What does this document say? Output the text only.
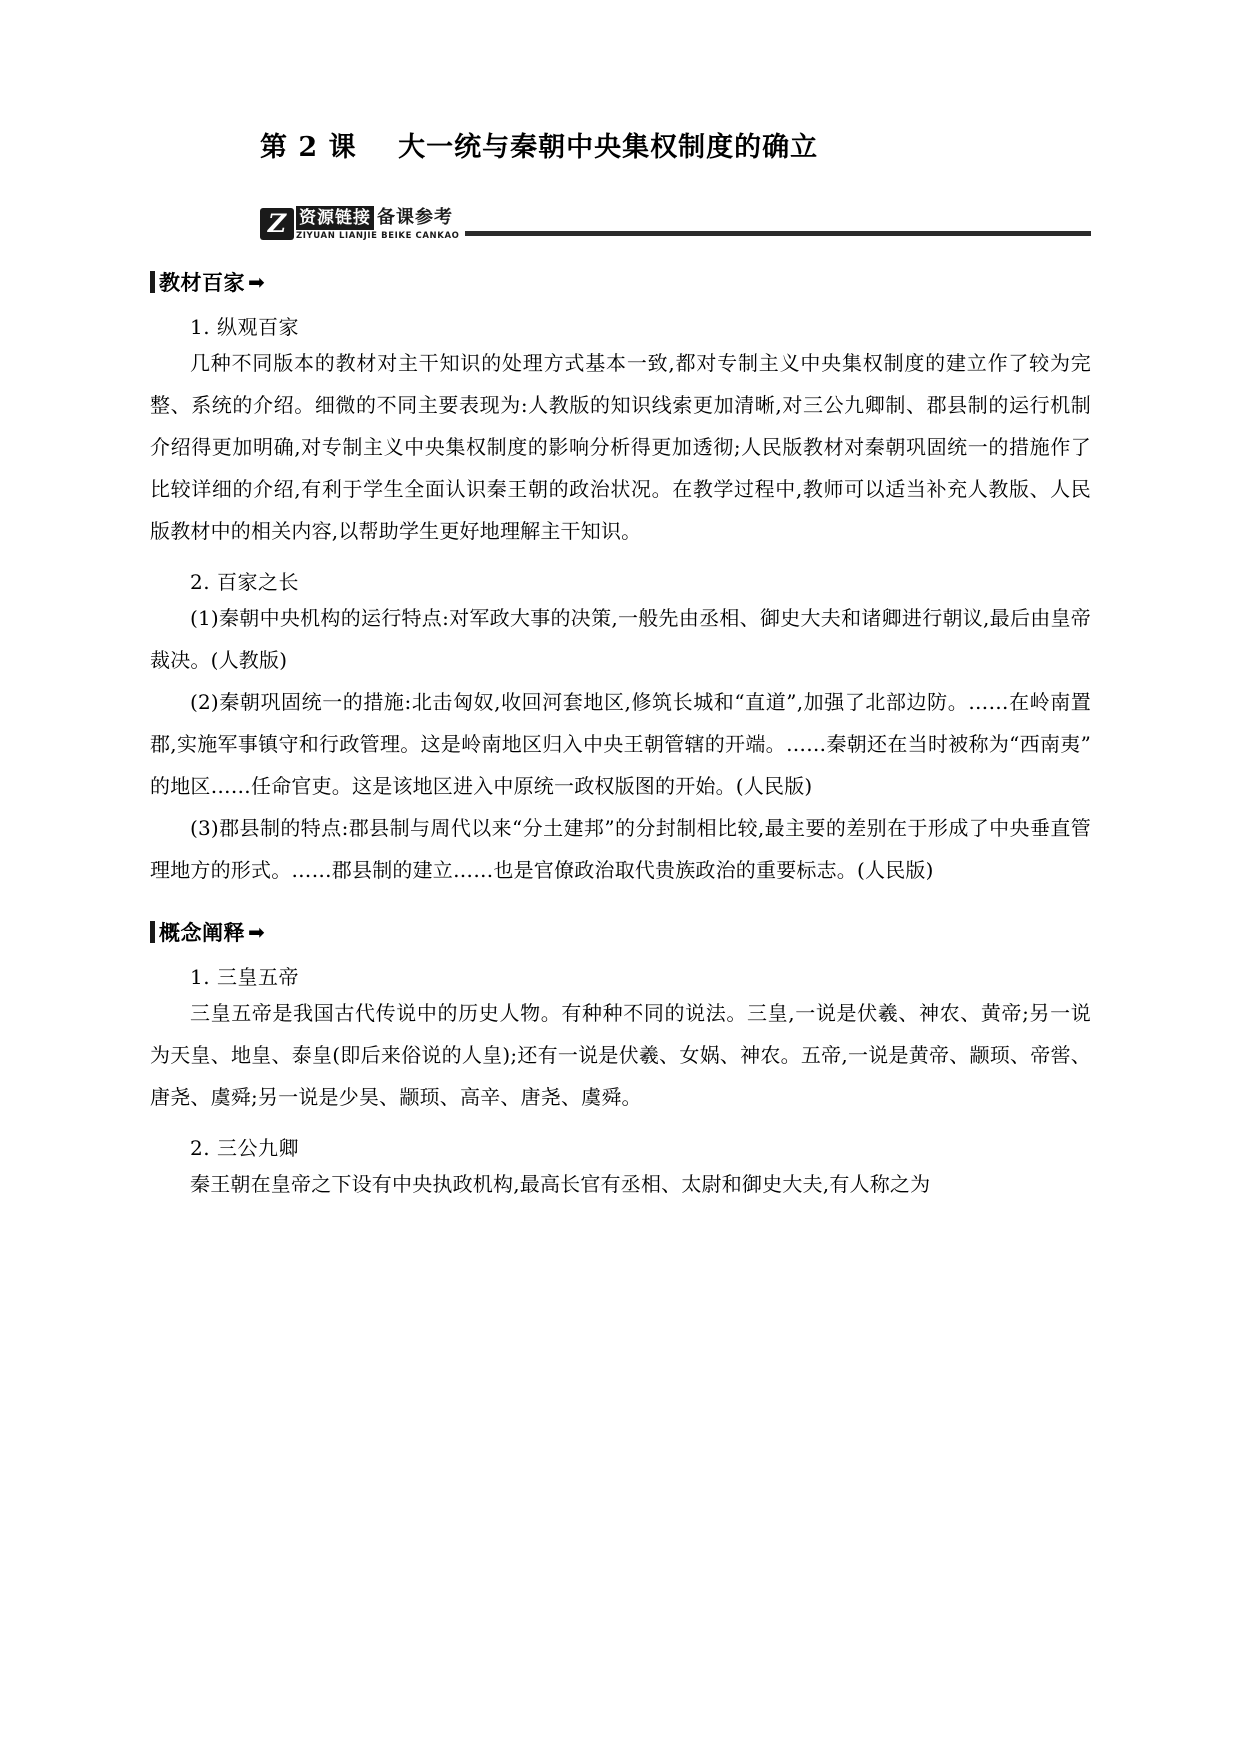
第 2 课    大一统与秦朝中央集权制度的确立
Z 资源链接 备课参考
ZIYUAN LIANJIE BEIKE CANKAO
教材百家 ➡
1. 纵观百家

几种不同版本的教材对主干知识的处理方式基本一致,都对专制主义中央集权制度的建立作了较为完整、系统的介绍。细微的不同主要表现为:人教版的知识线索更加清晰,对三公九卿制、郡县制的运行机制介绍得更加明确,对专制主义中央集权制度的影响分析得更加透彻;人民版教材对秦朝巩固统一的措施作了比较详细的介绍,有利于学生全面认识秦王朝的政治状况。在教学过程中,教师可以适当补充人教版、人民版教材中的相关内容,以帮助学生更好地理解主干知识。

2. 百家之长

(1)秦朝中央机构的运行特点:对军政大事的决策,一般先由丞相、御史大夫和诸卿进行朝议,最后由皇帝裁决。(人教版)

(2)秦朝巩固统一的措施:北击匈奴,收回河套地区,修筑长城和“直道”,加强了北部边防。……在岭南置郡,实施军事镇守和行政管理。这是岭南地区归入中央王朝管辖的开端。……秦朝还在当时被称为“西南夷”的地区……任命官吏。这是该地区进入中原统一政权版图的开始。(人民版)

(3)郡县制的特点:郡县制与周代以来“分土建邦”的分封制相比较,最主要的差别在于形成了中央垂直管理地方的形式。……郡县制的建立……也是官僚政治取代贵族政治的重要标志。(人民版)

概念阐释 ➡
1. 三皇五帝

三皇五帝是我国古代传说中的历史人物。有种种不同的说法。三皇,一说是伏羲、神农、黄帝;另一说为天皇、地皇、泰皇(即后来俗说的人皇);还有一说是伏羲、女娲、神农。五帝,一说是黄帝、颛顼、帝喾、唐尧、虞舜;另一说是少昊、颛顼、高辛、唐尧、虞舜。

2. 三公九卿

秦王朝在皇帝之下设有中央执政机构,最高长官有丞相、太尉和御史大夫,有人称之为
